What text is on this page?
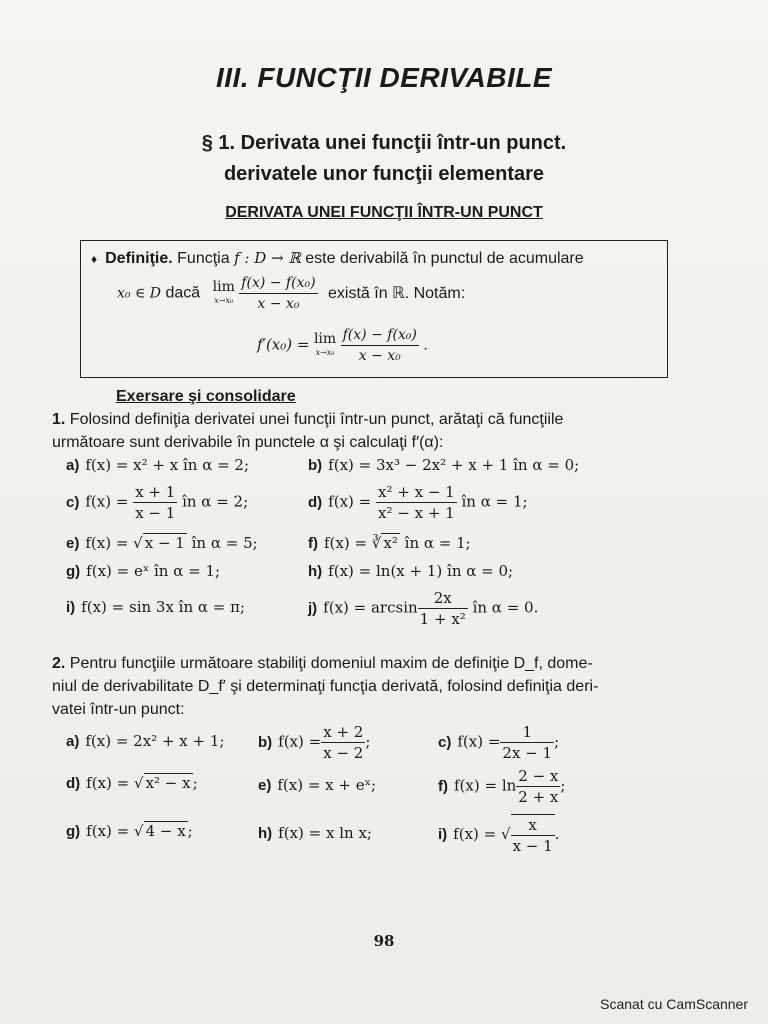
III. FUNCŢII DERIVABILE
§ 1. Derivata unei funcţii într-un punct.
derivatele unor funcţii elementare
DERIVATA UNEI FUNCŢII ÎNTR-UN PUNCT
♦ Definiţie. Funcţia f : D → ℝ este derivabilă în punctul de acumulare
x₀ ∈ D dacă lim
x→x₀
$\frac{\text{f(x) − f(x₀)}}{\text{x − x₀}}$ există în ℝ. Notăm:
f′(x₀) = lim
x→x₀
$\frac{\text{f(x) − f(x₀)}}{\text{x − x₀}}$ .
Exersare şi consolidare
1. Folosind definiţia derivatei unei funcţii într-un punct, arătaţi că funcţiile
următoare sunt derivabile în punctele α şi calculaţi f′(α):
a) f(x) = x² + x în α = 2;	b) f(x) = 3x³ − 2x² + x + 1 în α = 0;
c) $f(x) = \frac{x + 1}{x - 1}$ în α = 2;	d) $f(x) = \frac{\text{x² + x − 1}}{\text{x² − x + 1}}$ în α = 1;
e) f(x) = √ x − 1 în α = 5;	f) f(x) = ∛ x² în α = 1;
g) f(x) = eˣ în α = 1;	h) f(x) = ln(x + 1) în α = 0;
i) f(x) = sin 3x în α = π;	j) $f(x) = \arcsin \frac{2x}{\text{1 + x²}}$ în α = 0.
2. Pentru funcţiile următoare stabiliţi domeniul maxim de definiţie D_f, dome-
niul de derivabilitate D_f′ şi determinaţi funcţia derivată, folosind definiţia deri-
vatei într-un punct:
a) f(x) = 2x² + x + 1; b) $f(x) = \frac{x + 2}{x - 2}$ ;	c) $f(x) = \frac{1}{2x - 1}$ ;
d) f(x) = √ x² − x ;	e) f(x) = x + eˣ;	f) $f(x) = \ln \frac{2 - x}{2 + x}$ ;
g) f(x) = √ 4 − x ;	h) f(x) = x ln x;	i) f(x) = √ $\frac{x}{x - 1}$ .
98
Scanat cu CamScanner
